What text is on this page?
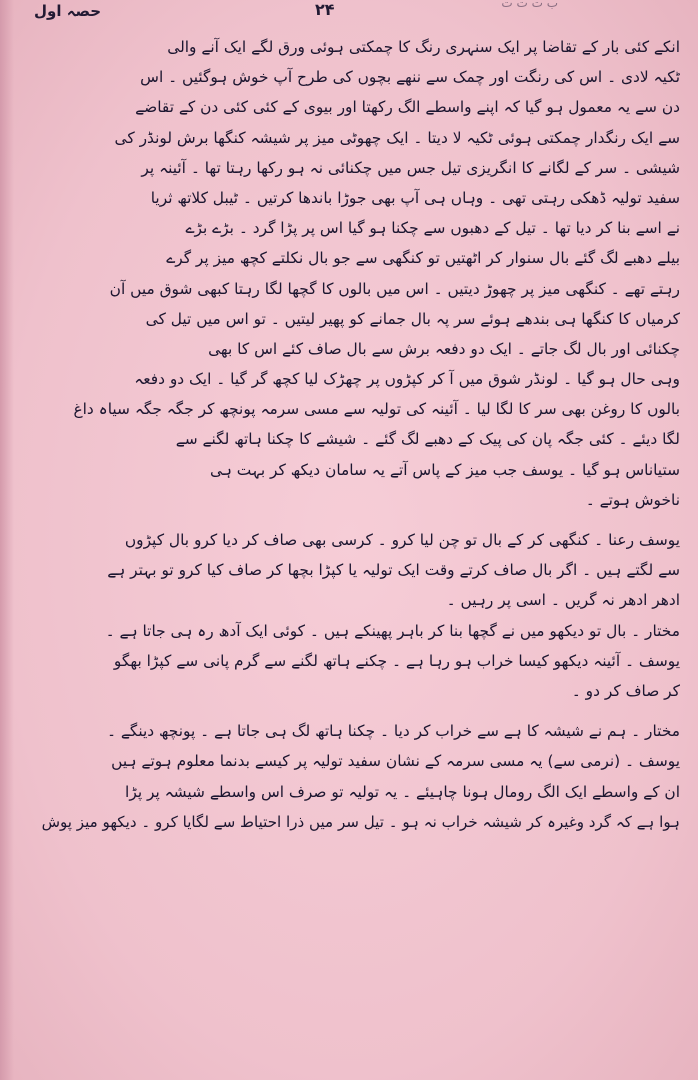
حصہ اول	۲۴	ب ت ت ت
انکے کئی بار کے تقاضا پر ایک سنہری رنگ کا چمکتی ہوئی ورق لگے ایک آنے والی
ٹکیہ لادی ۔ اس کی رنگت اور چمک سے ننھے بچوں کی طرح آپ خوش ہوگئیں ۔ اس
دن سے یہ معمول ہو گیا کہ اپنے واسطے الگ رکھتا اور بیوی کے کئی کئی دن کے تقاضے
سے ایک رنگدار چمکتی ہوئی ٹکیہ لا دیتا ۔ ایک چھوٹی میز پر شیشہ کنگھا برش لونڈر کی
شیشی ۔ سر کے لگانے کا انگریزی تیل جس میں چکنائی نہ ہو رکھا رہتا تھا ۔ آئینہ پر
سفید تولیہ ڈھکی رہتی تھی ۔ وہاں ہی آپ بھی جوڑا باندھا کرتیں ۔ ٹیبل کلاتھ ثریا
نے اسے بنا کر دیا تھا ۔ تیل کے دھبوں سے چکنا ہو گیا اس پر پڑا گرد ۔ بڑے بڑے
بیلے دھبے لگ گئے بال سنوار کر اٹھتیں تو کنگھی سے جو بال نکلتے کچھ میز پر گرے
رہتے تھے ۔ کنگھی میز پر چھوڑ دیتیں ۔ اس میں بالوں کا گچھا لگا رہتا کبھی شوق میں آن
کرمیاں کا کنگھا ہی بندھے ہوئے سر پہ بال جمانے کو پھیر لیتیں ۔ تو اس میں تیل کی
چکنائی اور بال لگ جاتے ۔ ایک دو دفعہ برش سے بال صاف کئے اس کا بھی
وہی حال ہو گیا ۔ لونڈر شوق میں آ کر کپڑوں پر چھڑک لیا کچھ گر گیا ۔ ایک دو دفعہ
بالوں کا روغن بھی سر کا لگا لیا ۔ آئینہ کی تولیہ سے مسی سرمہ پونچھ کر جگہ جگہ سیاہ داغ
لگا دیئے ۔ کئی جگہ پان کی پیک کے دھبے لگ گئے ۔ شیشے کا چکنا ہاتھ لگنے سے
ستیاناس ہو گیا ۔ یوسف جب میز کے پاس آتے یہ سامان دیکھ کر بہت ہی
ناخوش ہوتے ۔
یوسف رعنا ۔ کنگھی کر کے بال تو چن لیا کرو ۔ کرسی بھی صاف کر دیا کرو بال کپڑوں
سے لگتے ہیں ۔ اگر بال صاف کرتے وقت ایک تولیہ یا کپڑا بچھا کر صاف کیا کرو تو بہتر ہے
ادھر ادھر نہ گریں ۔ اسی پر رہیں ۔
مختار ۔ بال تو دیکھو میں نے گچھا بنا کر باہر پھینکے ہیں ۔ کوئی ایک آدھ رہ ہی جاتا ہے ۔
یوسف ۔ آئینہ دیکھو کیسا خراب ہو رہا ہے ۔ چکنے ہاتھ لگنے سے گرم پانی سے کپڑا بھگو
کر صاف کر دو ۔
مختار ۔ ہم نے شیشہ کا ہے سے خراب کر دیا ۔ چکنا ہاتھ لگ ہی جاتا ہے ۔ پونچھ دینگے ۔
یوسف ۔ (نرمی سے) یہ مسی سرمہ کے نشان سفید تولیہ پر کیسے بدنما معلوم ہوتے ہیں
ان کے واسطے ایک الگ رومال ہونا چاہیئے ۔ یہ تولیہ تو صرف اس واسطے شیشہ پر پڑا
ہوا ہے کہ گرد وغیرہ کر شیشہ خراب نہ ہو ۔ تیل سر میں ذرا احتیاط سے لگایا کرو ۔ دیکھو میز پوش
